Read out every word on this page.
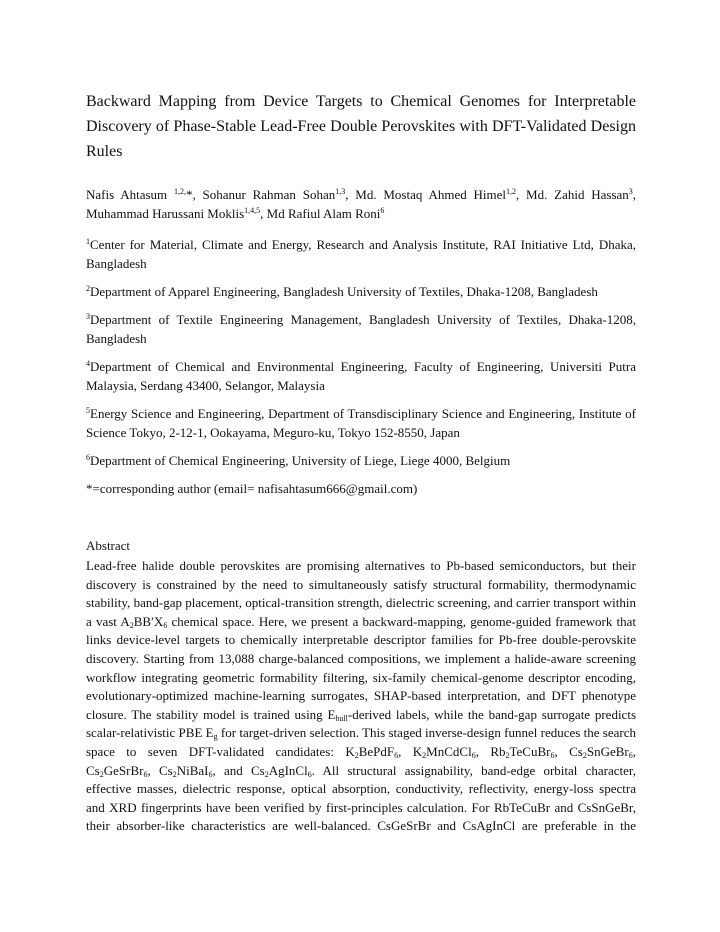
Backward Mapping from Device Targets to Chemical Genomes for Interpretable Discovery of Phase-Stable Lead-Free Double Perovskites with DFT-Validated Design Rules

Nafis Ahtasum $^{1,2,}$*, Sohanur Rahman Sohan$^{1,3}$, Md. Mostaq Ahmed Himel$^{1,2}$, Md. Zahid Hassan$^3$, Muhammad Harussani Moklis$^{1,4,5}$, Md Rafiul Alam Roni$^6$

$^1$Center for Material, Climate and Energy, Research and Analysis Institute, RAI Initiative Ltd, Dhaka, Bangladesh

$^2$Department of Apparel Engineering, Bangladesh University of Textiles, Dhaka-1208, Bangladesh

$^3$Department of Textile Engineering Management, Bangladesh University of Textiles, Dhaka-1208, Bangladesh

$^4$Department of Chemical and Environmental Engineering, Faculty of Engineering, Universiti Putra Malaysia, Serdang 43400, Selangor, Malaysia

$^5$Energy Science and Engineering, Department of Transdisciplinary Science and Engineering, Institute of Science Tokyo, 2-12-1, Ookayama, Meguro-ku, Tokyo 152-8550, Japan

$^6$Department of Chemical Engineering, University of Liege, Liege 4000, Belgium

*=corresponding author (email= nafisahtasum666@gmail.com)

Abstract

Lead-free halide double perovskites are promising alternatives to Pb-based semiconductors, but their discovery is constrained by the need to simultaneously satisfy structural formability, thermodynamic stability, band-gap placement, optical-transition strength, dielectric screening, and carrier transport within a vast $A_2BB'X_6$ chemical space. Here, we present a backward-mapping, genome-guided framework that links device-level targets to chemically interpretable descriptor families for Pb-free double-perovskite discovery. Starting from 13,088 charge-balanced compositions, we implement a halide-aware screening workflow integrating geometric formability filtering, six-family chemical-genome descriptor encoding, evolutionary-optimized machine-learning surrogates, SHAP-based interpretation, and DFT phenotype closure. The stability model is trained using $E_{hull}$-derived labels, while the band-gap surrogate predicts scalar-relativistic PBE $E_g$ for target-driven selection. This staged inverse-design funnel reduces the search space to seven DFT-validated candidates: $K_2BePdF_6$, $K_2MnCdCl_6$, $Rb_2TeCuBr_6$, $Cs_2SnGeBr_6$, $Cs_2GeSrBr_6$, $Cs_2NiBaI_6$, and $Cs_2AgInCl_6$. All structural assignability, band-edge orbital character, effective masses, dielectric response, optical absorption, conductivity, reflectivity, energy-loss spectra and XRD fingerprints have been verified by first-principles calculation. For RbTeCuBr and CsSnGeBr, their absorber-like characteristics are well-balanced. CsGeSrBr and CsAgInCl are preferable in the
